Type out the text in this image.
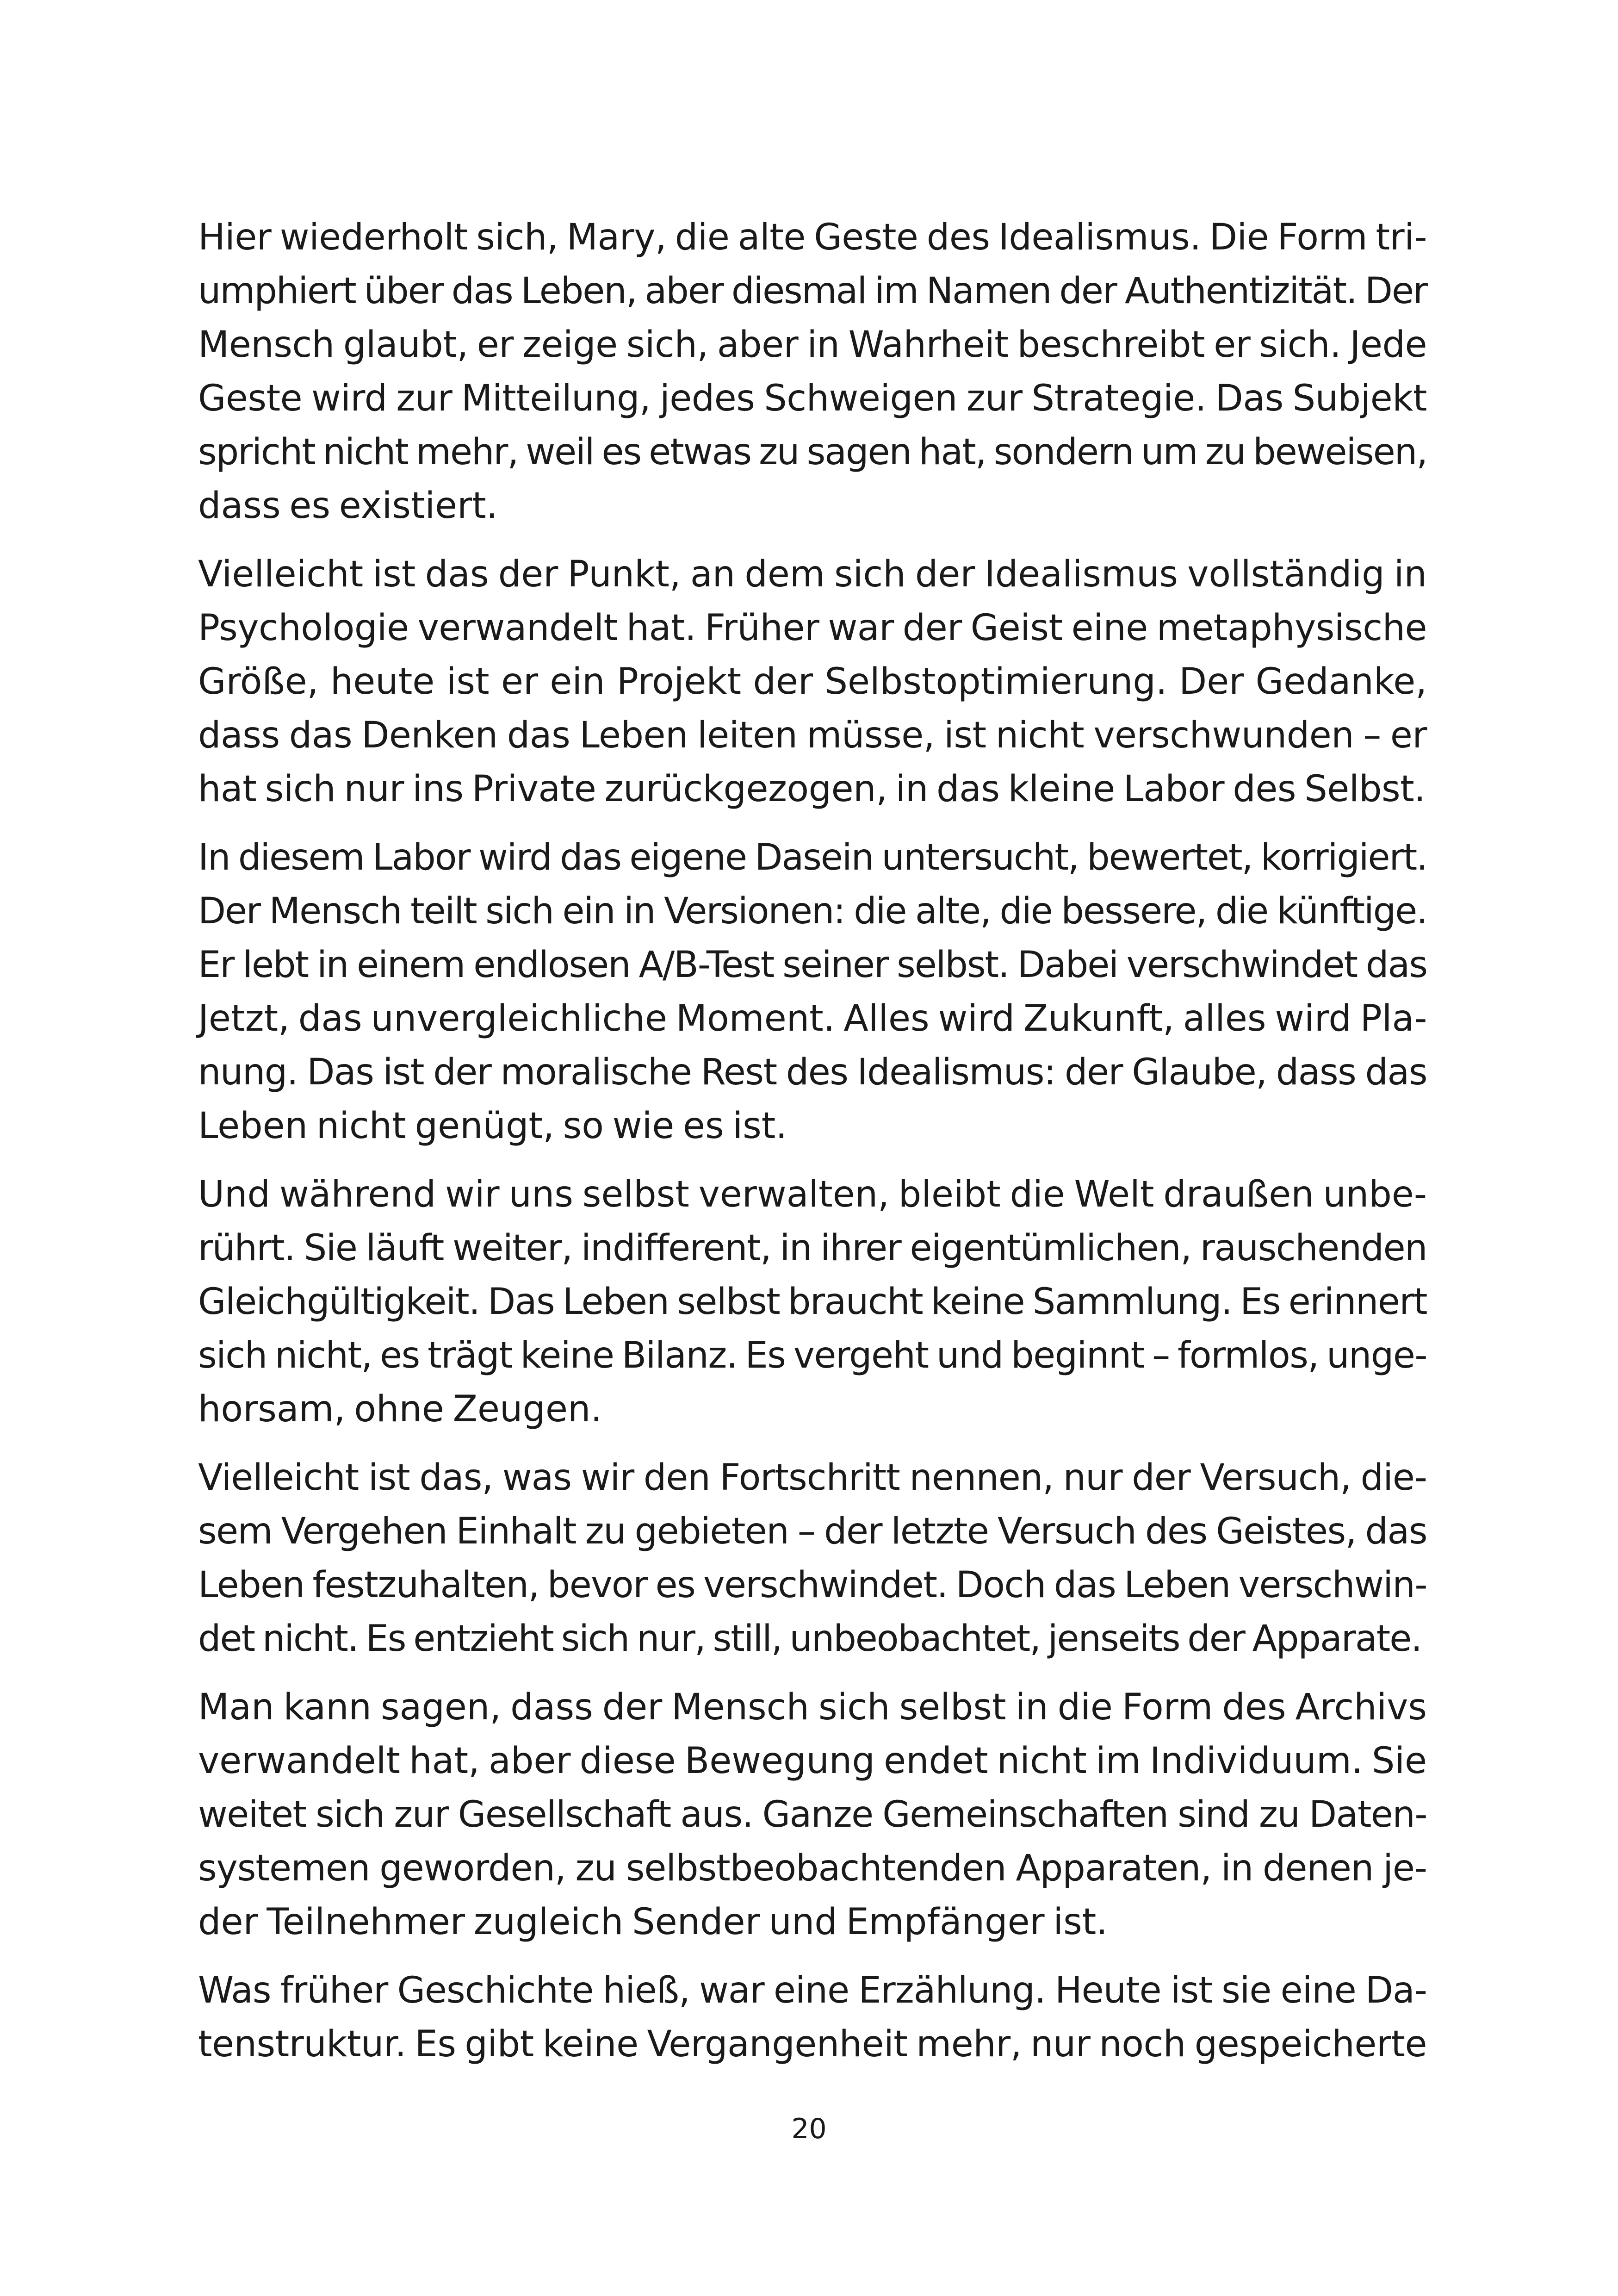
Hier wiederholt sich, Mary, die alte Geste des Idealismus. Die Form tri-
umphiert über das Leben, aber diesmal im Namen der Authentizität. Der
Mensch glaubt, er zeige sich, aber in Wahrheit beschreibt er sich. Jede
Geste wird zur Mitteilung, jedes Schweigen zur Strategie. Das Subjekt
spricht nicht mehr, weil es etwas zu sagen hat, sondern um zu beweisen,
dass es existiert.
Vielleicht ist das der Punkt, an dem sich der Idealismus vollständig in
Psychologie verwandelt hat. Früher war der Geist eine metaphysische
Größe, heute ist er ein Projekt der Selbstoptimierung. Der Gedanke,
dass das Denken das Leben leiten müsse, ist nicht verschwunden – er
hat sich nur ins Private zurückgezogen, in das kleine Labor des Selbst.
In diesem Labor wird das eigene Dasein untersucht, bewertet, korrigiert.
Der Mensch teilt sich ein in Versionen: die alte, die bessere, die künftige.
Er lebt in einem endlosen A/B-Test seiner selbst. Dabei verschwindet das
Jetzt, das unvergleichliche Moment. Alles wird Zukunft, alles wird Pla-
nung. Das ist der moralische Rest des Idealismus: der Glaube, dass das
Leben nicht genügt, so wie es ist.
Und während wir uns selbst verwalten, bleibt die Welt draußen unbe-
rührt. Sie läuft weiter, indifferent, in ihrer eigentümlichen, rauschenden
Gleichgültigkeit. Das Leben selbst braucht keine Sammlung. Es erinnert
sich nicht, es trägt keine Bilanz. Es vergeht und beginnt – formlos, unge-
horsam, ohne Zeugen.
Vielleicht ist das, was wir den Fortschritt nennen, nur der Versuch, die-
sem Vergehen Einhalt zu gebieten – der letzte Versuch des Geistes, das
Leben festzuhalten, bevor es verschwindet. Doch das Leben verschwin-
det nicht. Es entzieht sich nur, still, unbeobachtet, jenseits der Apparate.
Man kann sagen, dass der Mensch sich selbst in die Form des Archivs
verwandelt hat, aber diese Bewegung endet nicht im Individuum. Sie
weitet sich zur Gesellschaft aus. Ganze Gemeinschaften sind zu Daten-
systemen geworden, zu selbstbeobachtenden Apparaten, in denen je-
der Teilnehmer zugleich Sender und Empfänger ist.
Was früher Geschichte hieß, war eine Erzählung. Heute ist sie eine Da-
tenstruktur. Es gibt keine Vergangenheit mehr, nur noch gespeicherte
20
